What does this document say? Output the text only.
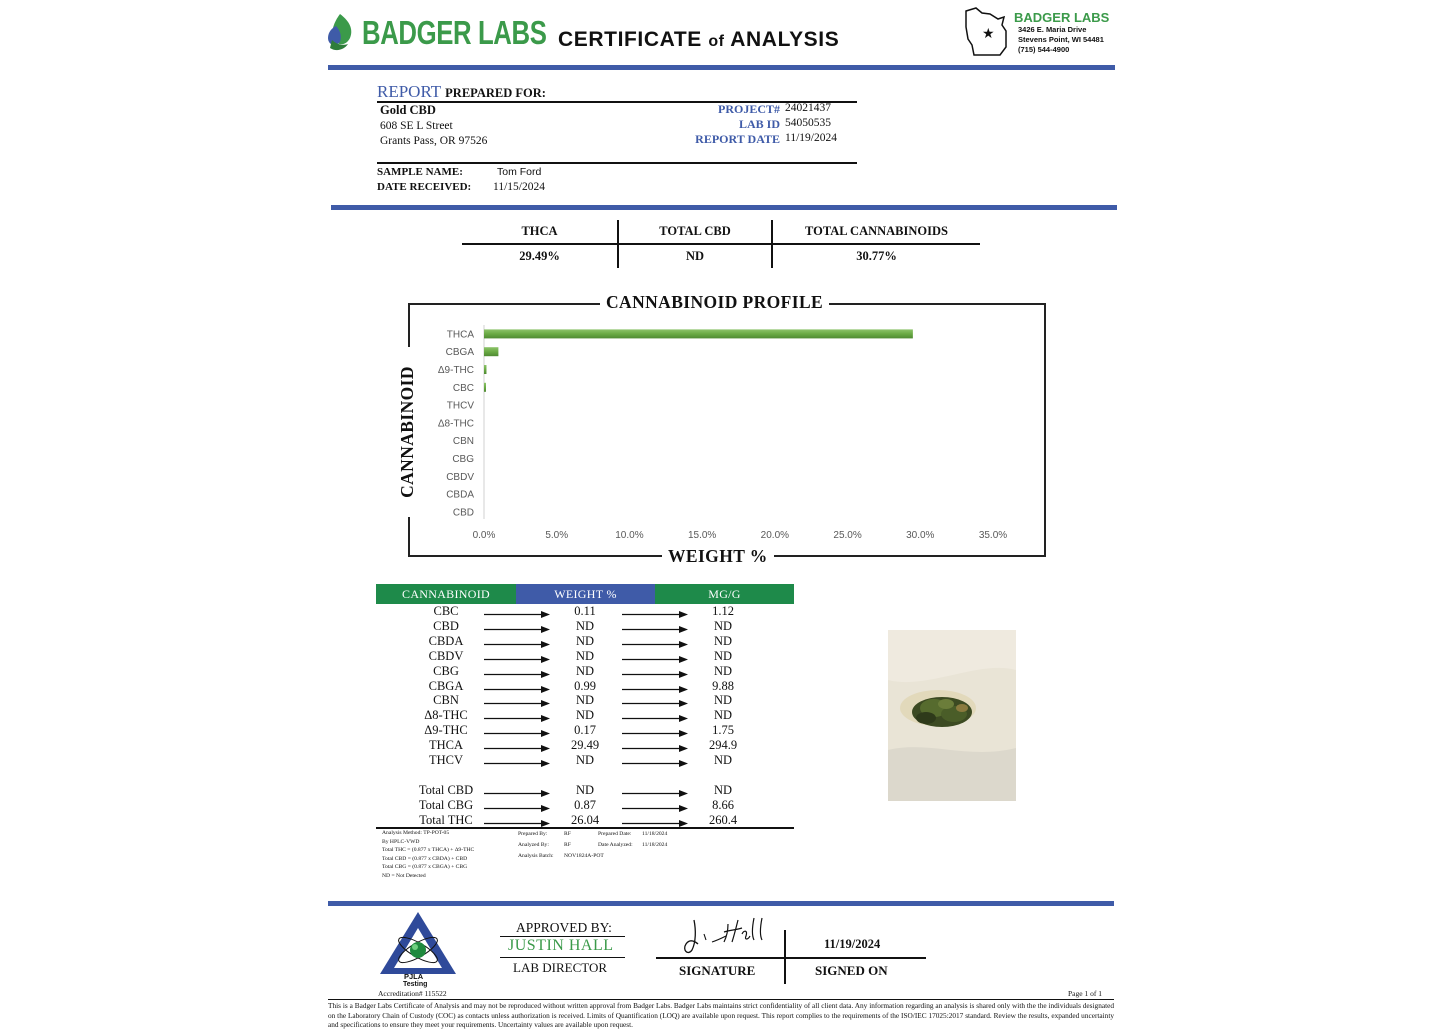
BADGER LABS CERTIFICATE of ANALYSIS	★
BADGER LABS
3426 E. Maria Drive
Stevens Point, WI 54481
(715) 544-4900
REPORT PREPARED FOR:
Gold CBD
608 SE L Street
Grants Pass, OR 97526
PROJECT# 24021437
LAB ID 54050535
REPORT DATE 11/19/2024
SAMPLE NAME:	Tom Ford
DATE RECEIVED: 11/15/2024
THCA	TOTAL CBD	TOTAL CANNABINOIDS
29.49%	ND	30.77%
CANNABINOID PROFILE
WEIGHT %
CANNABINOID
THCA
CBGA
Δ9-THC
CBC
THCV
Δ8-THC
CBN
CBG
CBDV
CBDA
CBD
0.0%	5.0%	10.0%	15.0%	20.0%	25.0%	30.0%	35.0%
CANNABINOID	WEIGHT %	MG/G
CBC	0.11	1.12
CBD	ND	ND
CBDA	ND	ND
CBDV	ND	ND
CBG	ND	ND
CBGA	0.99	9.88
CBN	ND	ND
Δ8-THC	ND	ND
Δ9-THC	0.17	1.75
THCA	29.49	294.9
THCV	ND	ND
Total CBD	ND	ND
Total CBG	0.87	8.66
Total THC	26.04	260.4
Analysis Method: TP-POT-05
By HPLC-VWD
Total THC = (0.877 x THCA) + Δ9-THC
Total CBD = (0.877 x CBDA) + CBD
Total CBG = (0.877 x CBGA) + CBG
ND = Not Detected
Prepared By:	RF
Analyzed By:	RF
Analysis Batch: NOV1824A-POT
Prepared Date: 11/18/2024
Date Analyzed: 11/18/2024
PJLA
Testing
Accreditation# 115522
APPROVED BY:
JUSTIN HALL
LAB DIRECTOR
11/19/2024
SIGNATURE	SIGNED ON
Page 1 of 1
This is a Badger Labs Certificate of Analysis and may not be reproduced without written approval from Badger Labs. Badger Labs maintains strict confidentiality of all client data. Any information regarding an analysis is shared only with the the individuals designated on the Laboratory Chain of Custody (COC) as contacts unless authorization is received. Limits of Quantification (LOQ) are available upon request. This report complies to the requirements of the ISO/IEC 17025:2017 standard. Review the results, expanded uncertainty and specifications to ensure they meet your requirements. Uncertainty values are available upon request.
